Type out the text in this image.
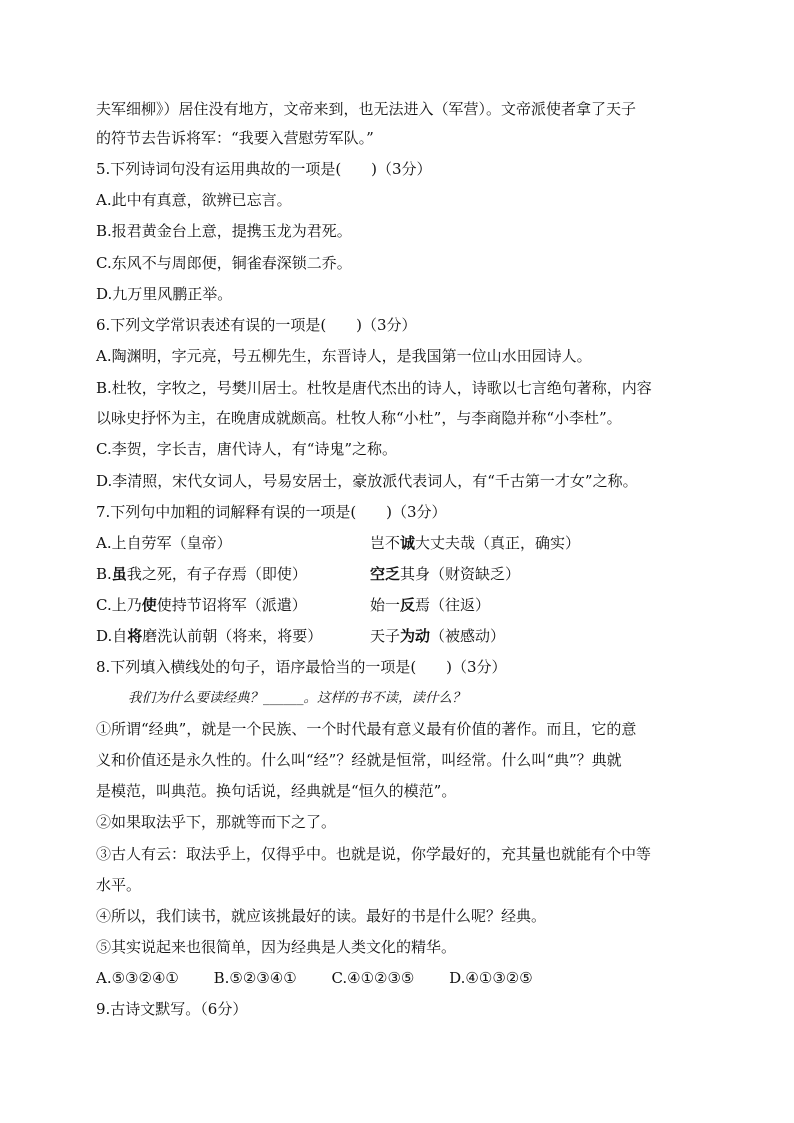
夫军细柳》）居住没有地方，文帝来到，也无法进入（军营）。文帝派使者拿了天子
的符节去告诉将军：“我要入营慰劳军队。”
5.下列诗词句没有运用典故的一项是(　　)（3分）
A.此中有真意，欲辨已忘言。
B.报君黄金台上意，提携玉龙为君死。
C.东风不与周郎便，铜雀春深锁二乔。
D.九万里风鹏正举。
6.下列文学常识表述有误的一项是(　　)（3分）
A.陶渊明，字元亮，号五柳先生，东晋诗人，是我国第一位山水田园诗人。
B.杜牧，字牧之，号樊川居士。杜牧是唐代杰出的诗人，诗歌以七言绝句著称，内容
以咏史抒怀为主，在晚唐成就颇高。杜牧人称“小杜”，与李商隐并称“小李杜”。
C.李贺，字长吉，唐代诗人，有“诗鬼”之称。
D.李清照，宋代女词人，号易安居士，豪放派代表词人，有“千古第一才女”之称。
7.下列句中加粗的词解释有误的一项是(　　)（3分）
A.上自劳军（皇帝）	岂不诚大丈夫哉（真正，确实）
B.虽我之死，有子存焉（即使）	空乏其身（财资缺乏）
C.上乃使使持节诏将军（派遣）	始一反焉（往返）
D.自将磨洗认前朝（将来，将要）	天子为动（被感动）
8.下列填入横线处的句子，语序最恰当的一项是(　　)（3分）
我们为什么要读经典？______。这样的书不读，读什么？
①所谓“经典”，就是一个民族、一个时代最有意义最有价值的著作。而且，它的意
义和价值还是永久性的。什么叫“经”？经就是恒常，叫经常。什么叫“典”？典就
是模范，叫典范。换句话说，经典就是“恒久的模范”。
②如果取法乎下，那就等而下之了。
③古人有云：取法乎上，仅得乎中。也就是说，你学最好的，充其量也就能有个中等
水平。
④所以，我们读书，就应该挑最好的读。最好的书是什么呢？经典。
⑤其实说起来也很简单，因为经典是人类文化的精华。
A.⑤③②④① B.⑤②③④① C.④①②③⑤ D.④①③②⑤
9.古诗文默写。（6分）
